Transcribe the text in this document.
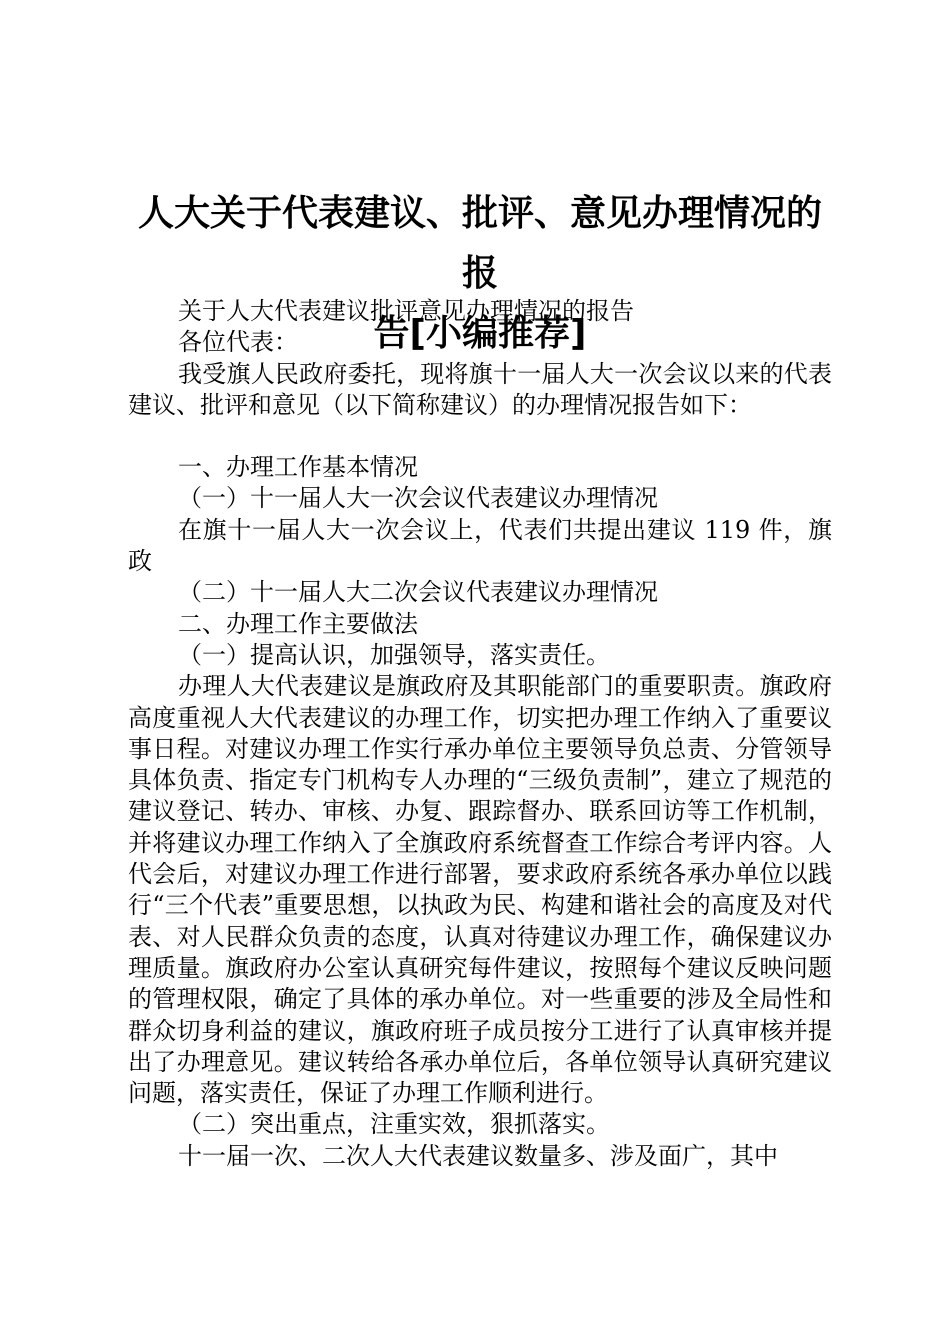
人大关于代表建议、批评、意见办理情况的报
告[小编推荐]

关于人大代表建议批评意见办理情况的报告

各位代表：

我受旗人民政府委托，现将旗十一届人大一次会议以来的代表建议、批评和意见（以下简称建议）的办理情况报告如下：

一、办理工作基本情况

（一）十一届人大一次会议代表建议办理情况

在旗十一届人大一次会议上，代表们共提出建议 119 件，旗政

（二）十一届人大二次会议代表建议办理情况

二、办理工作主要做法

（一）提高认识，加强领导，落实责任。

办理人大代表建议是旗政府及其职能部门的重要职责。旗政府高度重视人大代表建议的办理工作，切实把办理工作纳入了重要议事日程。对建议办理工作实行承办单位主要领导负总责、分管领导具体负责、指定专门机构专人办理的“三级负责制”，建立了规范的建议登记、转办、审核、办复、跟踪督办、联系回访等工作机制，并将建议办理工作纳入了全旗政府系统督查工作综合考评内容。人代会后，对建议办理工作进行部署，要求政府系统各承办单位以践行“三个代表”重要思想，以执政为民、构建和谐社会的高度及对代表、对人民群众负责的态度，认真对待建议办理工作，确保建议办理质量。旗政府办公室认真研究每件建议，按照每个建议反映问题的管理权限，确定了具体的承办单位。对一些重要的涉及全局性和群众切身利益的建议，旗政府班子成员按分工进行了认真审核并提出了办理意见。建议转给各承办单位后，各单位领导认真研究建议问题，落实责任，保证了办理工作顺利进行。

（二）突出重点，注重实效，狠抓落实。

十一届一次、二次人大代表建议数量多、涉及面广，其中
